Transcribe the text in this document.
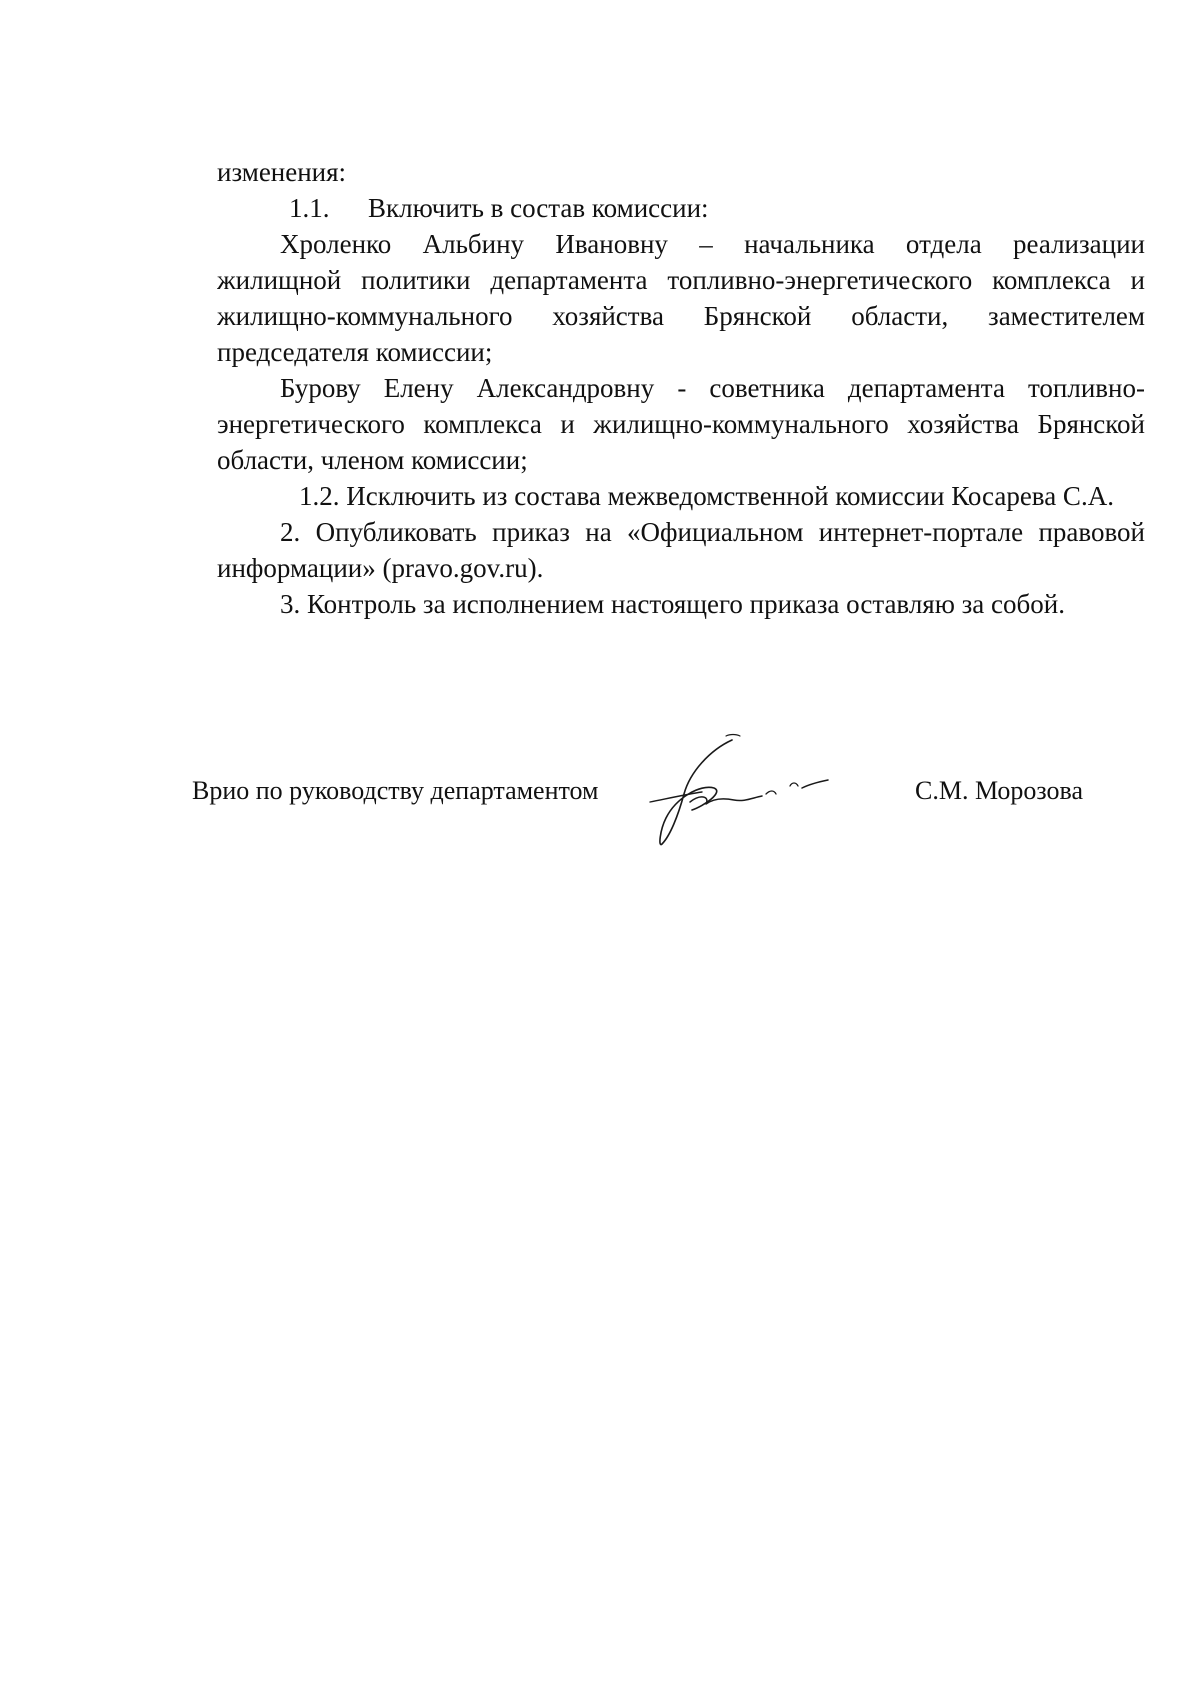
изменения:
1.1. Включить в состав комиссии:
Хроленко Альбину Ивановну – начальника отдела реализации
жилищной политики департамента топливно-энергетического комплекса и
жилищно-коммунального хозяйства Брянской области, заместителем
председателя комиссии;
Бурову Елену Александровну - советника департамента топливно-
энергетического комплекса и жилищно-коммунального хозяйства Брянской
области, членом комиссии;
1.2. Исключить из состава межведомственной комиссии Косарева С.А.
2. Опубликовать приказ на «Официальном интернет-портале правовой
информации» (pravo.gov.ru).
3. Контроль за исполнением настоящего приказа оставляю за собой.
Врио по руководству департаментом	С.М. Морозова
